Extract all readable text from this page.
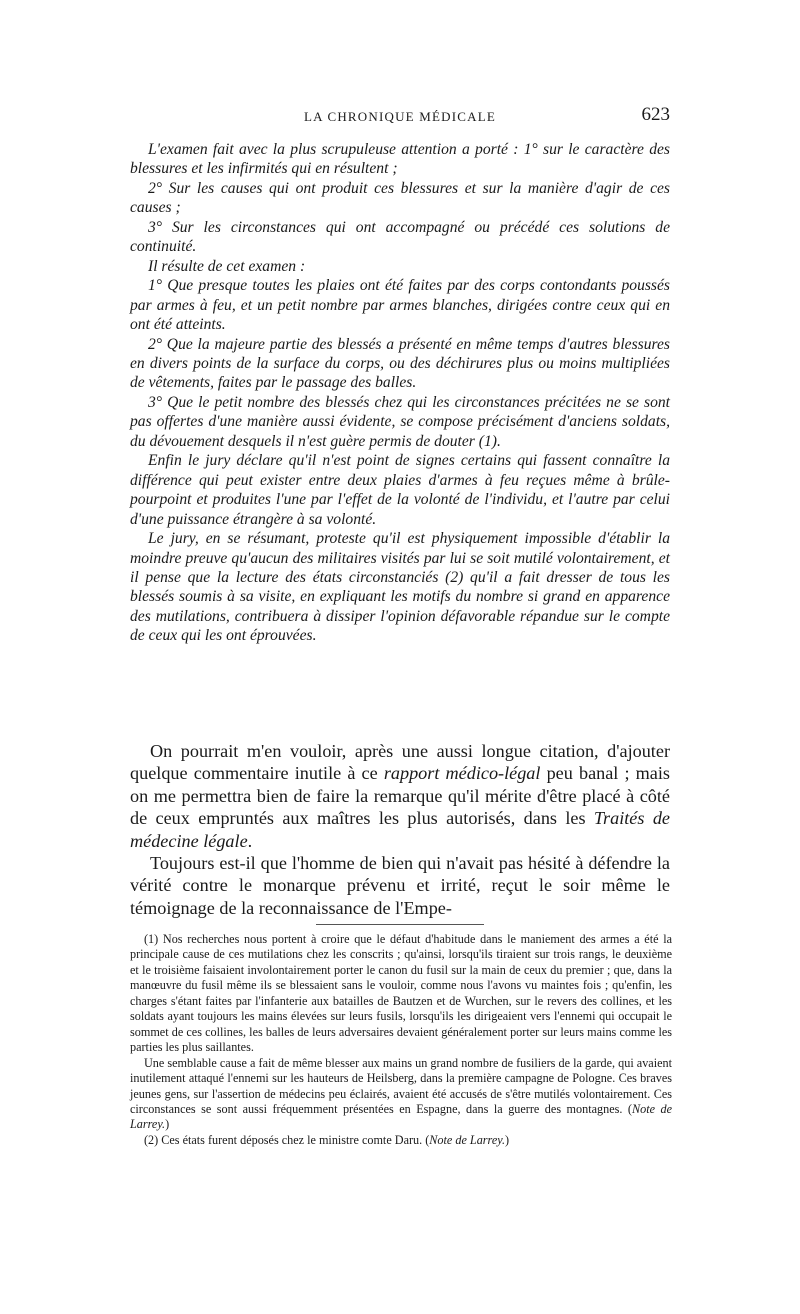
LA CHRONIQUE MÉDICALE	623

L'examen fait avec la plus scrupuleuse attention a porté : 1° sur le caractère des blessures et les infirmités qui en résultent ;

2° Sur les causes qui ont produit ces blessures et sur la manière d'agir de ces causes ;

3° Sur les circonstances qui ont accompagné ou précédé ces solutions de continuité.

Il résulte de cet examen :

1° Que presque toutes les plaies ont été faites par des corps contondants poussés par armes à feu, et un petit nombre par armes blanches, dirigées contre ceux qui en ont été atteints.

2° Que la majeure partie des blessés a présenté en même temps d'autres blessures en divers points de la surface du corps, ou des déchirures plus ou moins multipliées de vêtements, faites par le passage des balles.

3° Que le petit nombre des blessés chez qui les circonstances précitées ne se sont pas offertes d'une manière aussi évidente, se compose précisément d'anciens soldats, du dévouement desquels il n'est guère permis de douter (1).

Enfin le jury déclare qu'il n'est point de signes certains qui fassent connaître la différence qui peut exister entre deux plaies d'armes à feu reçues même à brûle-pourpoint et produites l'une par l'effet de la volonté de l'individu, et l'autre par celui d'une puissance étrangère à sa volonté.

Le jury, en se résumant, proteste qu'il est physiquement impossible d'établir la moindre preuve qu'aucun des militaires visités par lui se soit mutilé volontairement, et il pense que la lecture des états circonstanciés (2) qu'il a fait dresser de tous les blessés soumis à sa visite, en expliquant les motifs du nombre si grand en apparence des mutilations, contribuera à dissiper l'opinion défavorable répandue sur le compte de ceux qui les ont éprouvées.

On pourrait m'en vouloir, après une aussi longue citation, d'ajouter quelque commentaire inutile à ce rapport médico-légal peu banal ; mais on me permettra bien de faire la remarque qu'il mérite d'être placé à côté de ceux empruntés aux maîtres les plus autorisés, dans les Traités de médecine légale.

Toujours est-il que l'homme de bien qui n'avait pas hésité à défendre la vérité contre le monarque prévenu et irrité, reçut le soir même le témoignage de la reconnaissance de l'Empe-

(1) Nos recherches nous portent à croire que le défaut d'habitude dans le maniement des armes a été la principale cause de ces mutilations chez les conscrits ; qu'ainsi, lorsqu'ils tiraient sur trois rangs, le deuxième et le troisième faisaient involontairement porter le canon du fusil sur la main de ceux du premier ; que, dans la manœuvre du fusil même ils se blessaient sans le vouloir, comme nous l'avons vu maintes fois ; qu'enfin, les charges s'étant faites par l'infanterie aux batailles de Bautzen et de Wurchen, sur le revers des collines, et les soldats ayant toujours les mains élevées sur leurs fusils, lorsqu'ils les dirigeaient vers l'ennemi qui occupait le sommet de ces collines, les balles de leurs adversaires devaient généralement porter sur leurs mains comme les parties les plus saillantes.

Une semblable cause a fait de même blesser aux mains un grand nombre de fusiliers de la garde, qui avaient inutilement attaqué l'ennemi sur les hauteurs de Heilsberg, dans la première campagne de Pologne. Ces braves jeunes gens, sur l'assertion de médecins peu éclairés, avaient été accusés de s'être mutilés volontairement. Ces circonstances se sont aussi fréquemment présentées en Espagne, dans la guerre des montagnes. (Note de Larrey.)

(2) Ces états furent déposés chez le ministre comte Daru. (Note de Larrey.)
